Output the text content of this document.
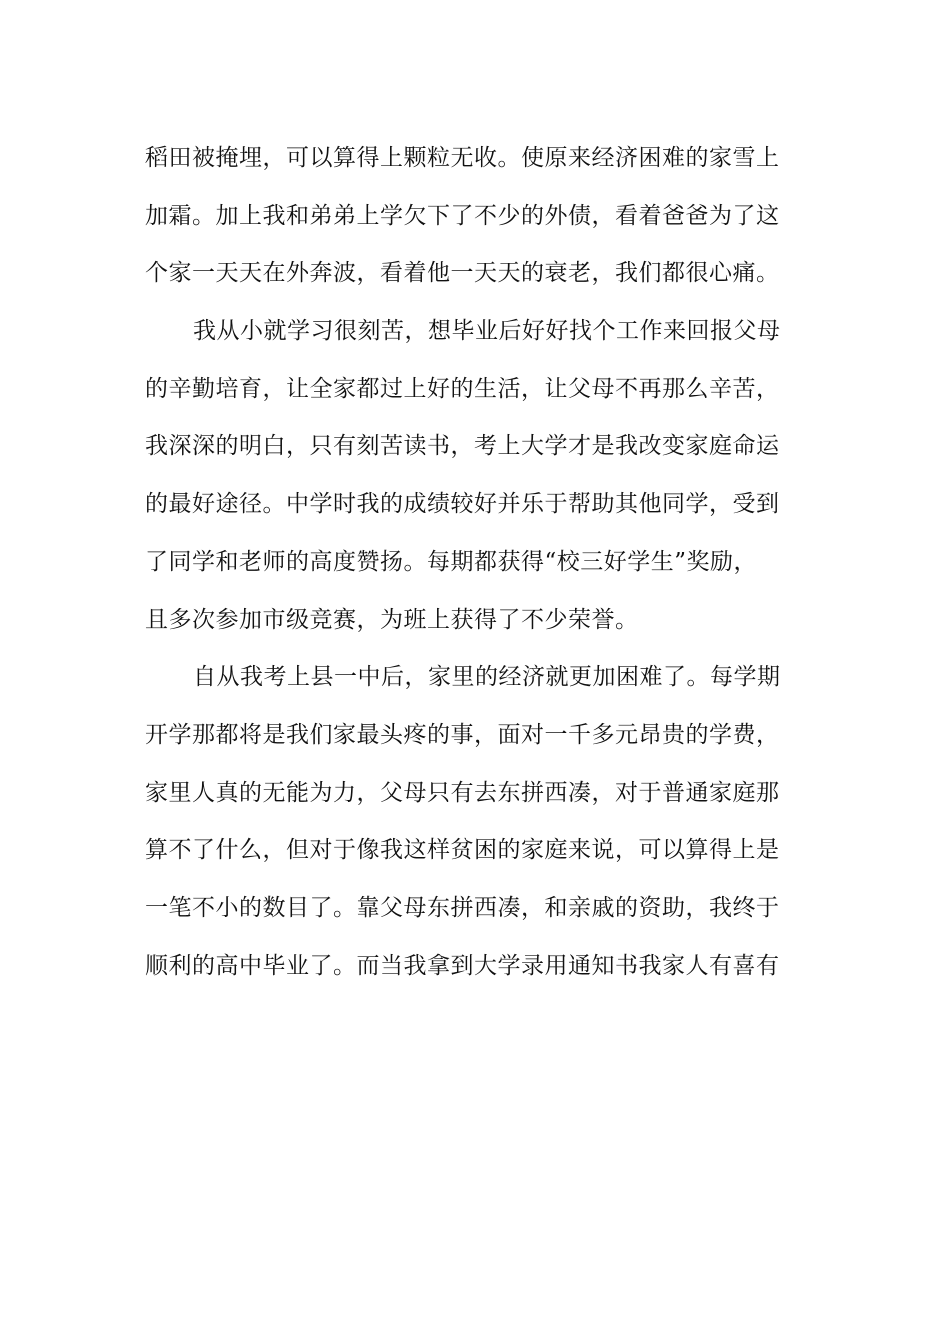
稻田被掩埋，可以算得上颗粒无收。使原来经济困难的家雪上
加霜。加上我和弟弟上学欠下了不少的外债，看着爸爸为了这
个家一天天在外奔波，看着他一天天的衰老，我们都很心痛。
我从小就学习很刻苦，想毕业后好好找个工作来回报父母
的辛勤培育，让全家都过上好的生活，让父母不再那么辛苦，
我深深的明白，只有刻苦读书，考上大学才是我改变家庭命运
的最好途径。中学时我的成绩较好并乐于帮助其他同学，受到
了同学和老师的高度赞扬。每期都获得“校三好学生”奖励，
且多次参加市级竞赛，为班上获得了不少荣誉。
自从我考上县一中后，家里的经济就更加困难了。每学期
开学那都将是我们家最头疼的事，面对一千多元昂贵的学费，
家里人真的无能为力，父母只有去东拼西凑，对于普通家庭那
算不了什么，但对于像我这样贫困的家庭来说，可以算得上是
一笔不小的数目了。靠父母东拼西凑，和亲戚的资助，我终于
顺利的高中毕业了。而当我拿到大学录用通知书我家人有喜有
